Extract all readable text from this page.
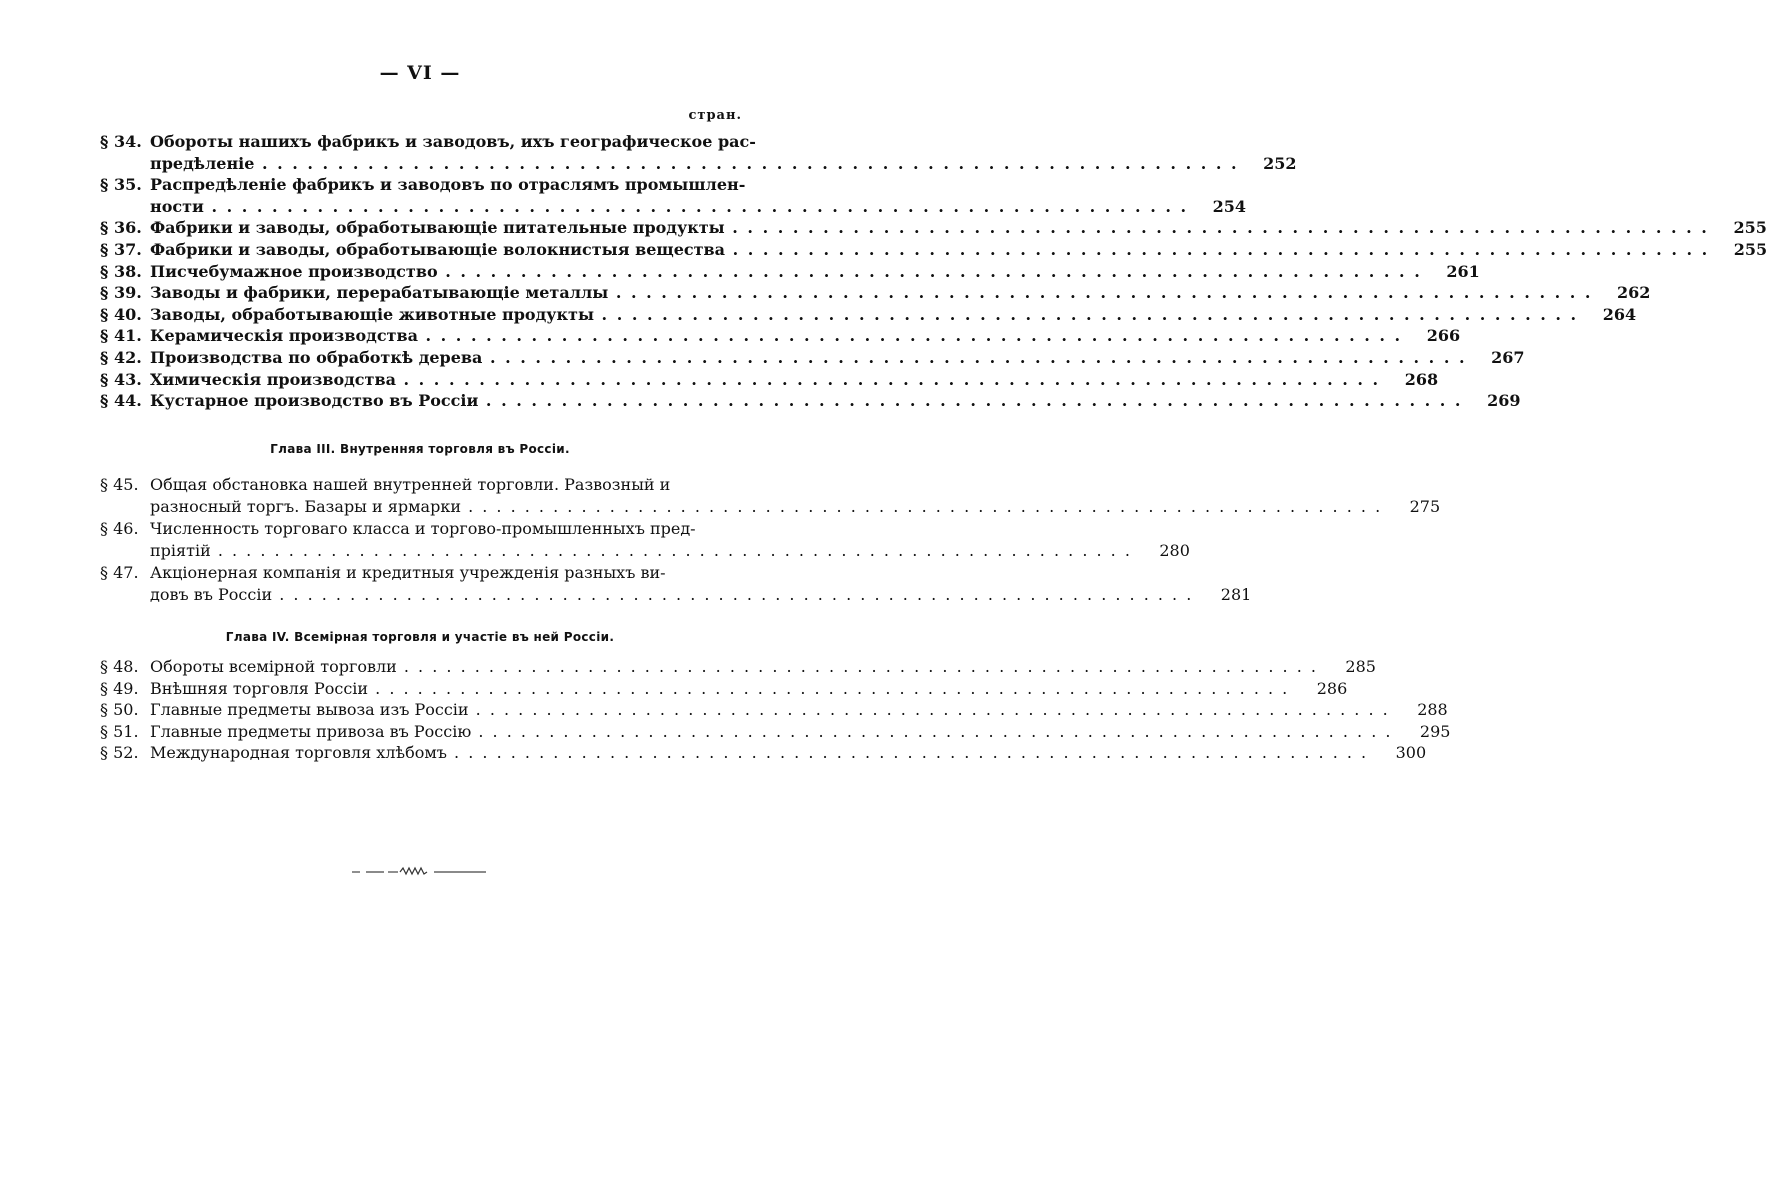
— VI —
стран.
§ 34. Обороты нашихъ фабрикъ и заводовъ, ихъ географическое рас-
предѣленіе . . .	252
§ 35. Распредѣленіе фабрикъ и заводовъ по отраслямъ промышлен-
ности . . .	254
§ 36. Фабрики и заводы, обработывающіе питательные продукты . . .	255
§ 37. Фабрики и заводы, обработывающіе волокнистыя вещества . . .	255
§ 38. Писчебумажное производство . . .	261
§ 39. Заводы и фабрики, перерабатывающіе металлы . . .	262
§ 40. Заводы, обработывающіе животные продукты . . .	264
§ 41. Керамическія производства . . .	266
§ 42. Производства по обработкѣ дерева . . .	267
§ 43. Химическія производства . . .	268
§ 44. Кустарное производство въ Россіи . . .	269
Глава III. Внутренняя торговля въ Россіи.
§ 45. Общая обстановка нашей внутренней торговли. Развозный и
разносный торгъ. Базары и ярмарки . . .	275
§ 46. Численность торговаго класса и торгово-промышленныхъ пред-
пріятій . . .	280
§ 47. Акціонерная компанія и кредитныя учрежденія разныхъ ви-
довъ въ Россіи . . .	281
Глава IV. Всемірная торговля и участіе въ ней Россіи.
§ 48. Обороты всемірной торговли . . .	285
§ 49. Внѣшняя торговля Россіи . . .	286
§ 50. Главные предметы вывоза изъ Россіи . . .	288
§ 51. Главные предметы привоза въ Россію . . .	295
§ 52. Международная торговля хлѣбомъ . . .	300
